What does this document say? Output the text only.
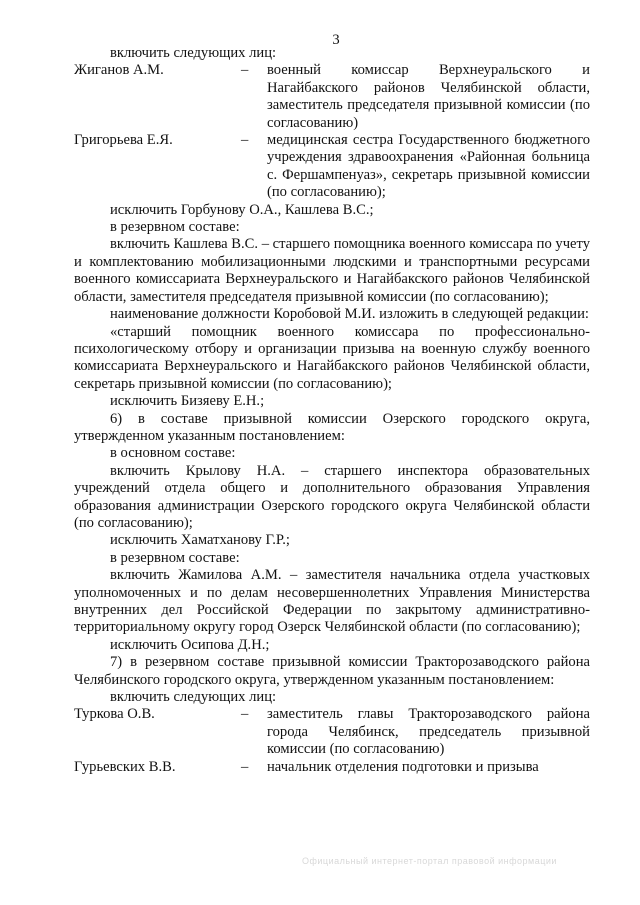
3

включить следующих лиц:

Жиганов А.М.	–	военный комиссар Верхнеуральского и Нагайбакского районов Челябинской области, заместитель председателя призывной комиссии (по согласованию)
Григорьева Е.Я.	–	медицинская сестра Государственного бюджетного учреждения здравоохранения «Районная больница с. Фершампенуаз», секретарь призывной комиссии (по согласованию);

исключить Горбунову О.А., Кашлева В.С.;

в резервном составе:

включить Кашлева В.С. – старшего помощника военного комиссара по учету и комплектованию мобилизационными людскими и транспортными ресурсами военного комиссариата Верхнеуральского и Нагайбакского районов Челябинской области, заместителя председателя призывной комиссии (по согласованию);

наименование должности Коробовой М.И. изложить в следующей редакции:

«старший помощник военного комиссара по профессионально-психологическому отбору и организации призыва на военную службу военного комиссариата Верхнеуральского и Нагайбакского районов Челябинской области, секретарь призывной комиссии (по согласованию);

исключить Бизяеву Е.Н.;

6) в составе призывной комиссии Озерского городского округа, утвержденном указанным постановлением:

в основном составе:

включить Крылову Н.А. – старшего инспектора образовательных учреждений отдела общего и дополнительного образования Управления образования администрации Озерского городского округа Челябинской области (по согласованию);

исключить Хаматханову Г.Р.;

в резервном составе:

включить Жамилова А.М. – заместителя начальника отдела участковых уполномоченных и по делам несовершеннолетних Управления Министерства внутренних дел Российской Федерации по закрытому административно-территориальному округу город Озерск Челябинской области (по согласованию);

исключить Осипова Д.Н.;

7) в резервном составе призывной комиссии Тракторозаводского района Челябинского городского округа, утвержденном указанным постановлением:

включить следующих лиц:

Туркова О.В.	–	заместитель главы Тракторозаводского района города Челябинск, председатель призывной комиссии (по согласованию)
Гурьевских В.В.	–	начальник отделения подготовки и призыва
Официальный интернет-портал правовой информации
